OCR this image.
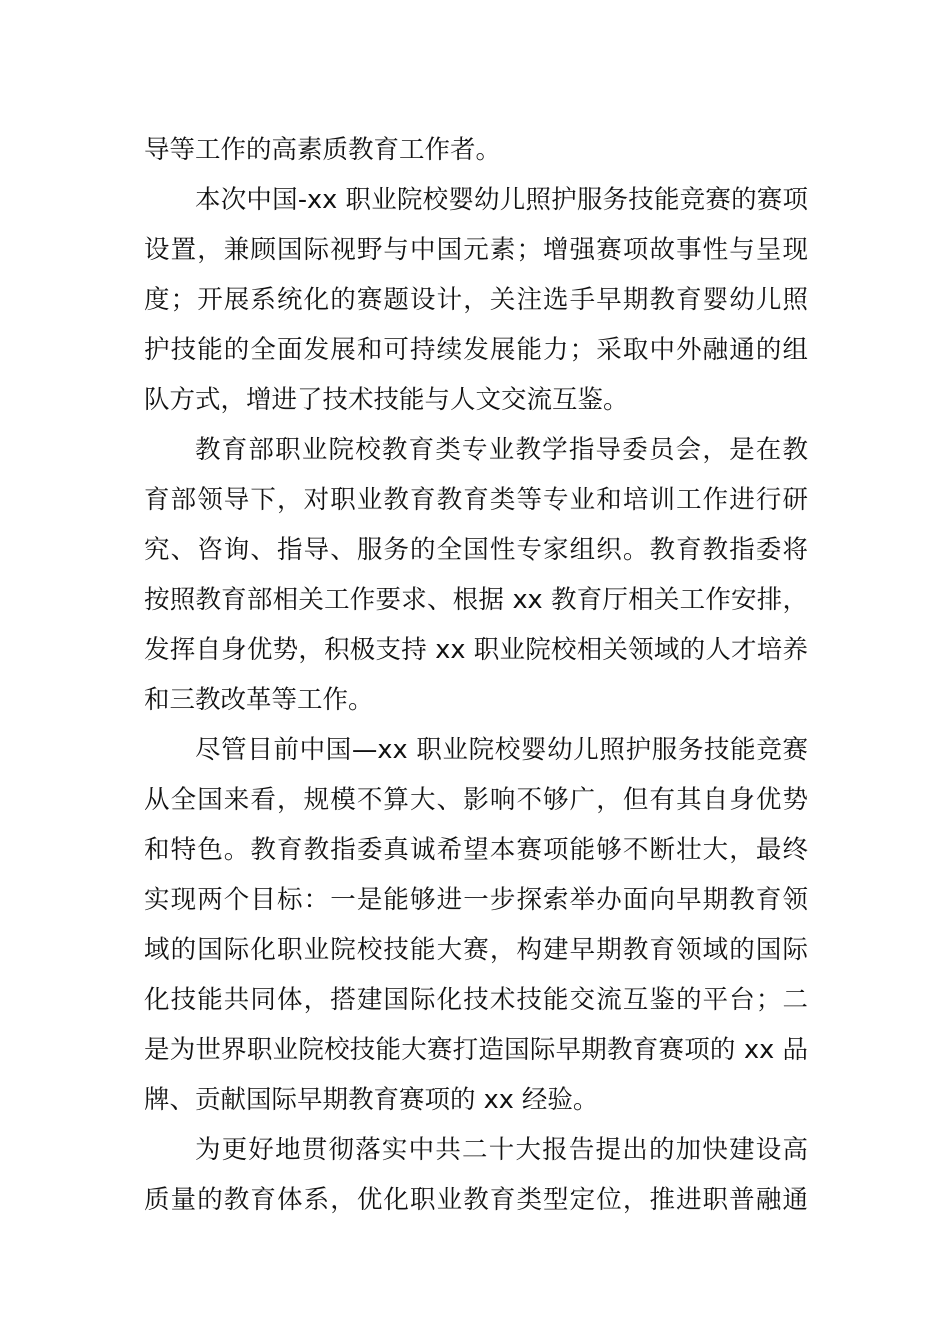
导等工作的高素质教育工作者。
本次中国-xx 职业院校婴幼儿照护服务技能竞赛的赛项
设置，兼顾国际视野与中国元素；增强赛项故事性与呈现
度；开展系统化的赛题设计，关注选手早期教育婴幼儿照
护技能的全面发展和可持续发展能力；采取中外融通的组
队方式，增进了技术技能与人文交流互鉴。
教育部职业院校教育类专业教学指导委员会，是在教
育部领导下，对职业教育教育类等专业和培训工作进行研
究、咨询、指导、服务的全国性专家组织。教育教指委将
按照教育部相关工作要求、根据 xx 教育厅相关工作安排，
发挥自身优势，积极支持 xx 职业院校相关领域的人才培养
和三教改革等工作。
尽管目前中国—xx 职业院校婴幼儿照护服务技能竞赛
从全国来看，规模不算大、影响不够广，但有其自身优势
和特色。教育教指委真诚希望本赛项能够不断壮大，最终
实现两个目标：一是能够进一步探索举办面向早期教育领
域的国际化职业院校技能大赛，构建早期教育领域的国际
化技能共同体，搭建国际化技术技能交流互鉴的平台；二
是为世界职业院校技能大赛打造国际早期教育赛项的 xx 品
牌、贡献国际早期教育赛项的 xx 经验。
为更好地贯彻落实中共二十大报告提出的加快建设高
质量的教育体系，优化职业教育类型定位，推进职普融通
